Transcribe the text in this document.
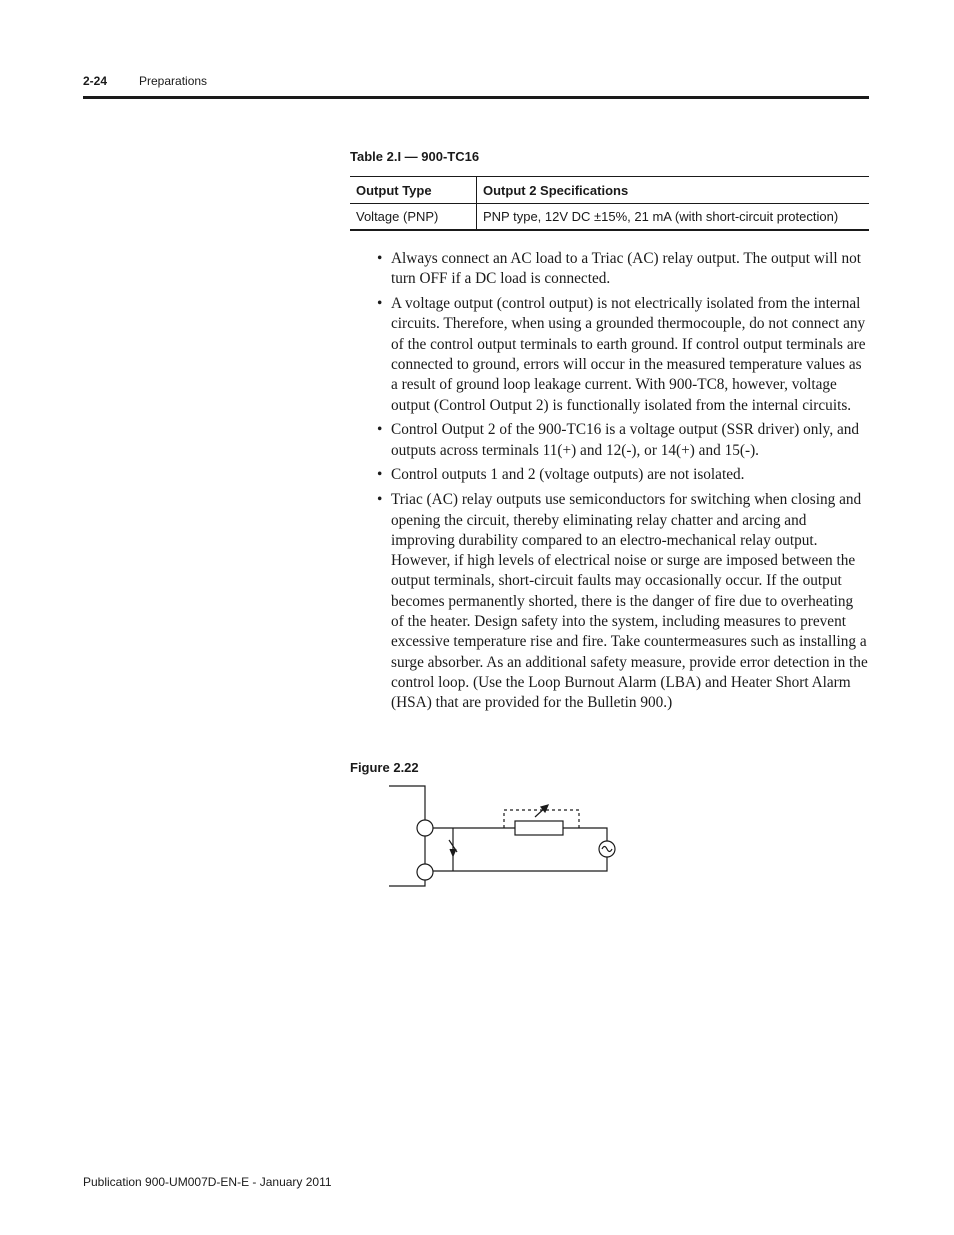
2-24	Preparations
Table 2.I — 900-TC16
Output Type	Output 2 Specifications
Voltage (PNP)	PNP type, 12V DC ±15%, 21 mA (with short-circuit protection)
• Always connect an AC load to a Triac (AC) relay output. The output will not turn OFF if a DC load is connected.
• A voltage output (control output) is not electrically isolated from the internal circuits. Therefore, when using a grounded thermocouple, do not connect any of the control output terminals to earth ground. If control output terminals are connected to ground, errors will occur in the measured temperature values as a result of ground loop leakage current. With 900-TC8, however, voltage output (Control Output 2) is functionally isolated from the internal circuits.
• Control Output 2 of the 900-TC16 is a voltage output (SSR driver) only, and outputs across terminals 11(+) and 12(-), or 14(+) and 15(-).
• Control outputs 1 and 2 (voltage outputs) are not isolated.
• Triac (AC) relay outputs use semiconductors for switching when closing and opening the circuit, thereby eliminating relay chatter and arcing and improving durability compared to an electro-mechanical relay output. However, if high levels of electrical noise or surge are imposed between the output terminals, short-circuit faults may occasionally occur. If the output becomes permanently shorted, there is the danger of fire due to overheating of the heater. Design safety into the system, including measures to prevent excessive temperature rise and fire. Take countermeasures such as installing a surge absorber. As an additional safety measure, provide error detection in the control loop. (Use the Loop Burnout Alarm (LBA) and Heater Short Alarm (HSA) that are provided for the Bulletin 900.)
Figure 2.22
Publication 900-UM007D-EN-E - January 2011
